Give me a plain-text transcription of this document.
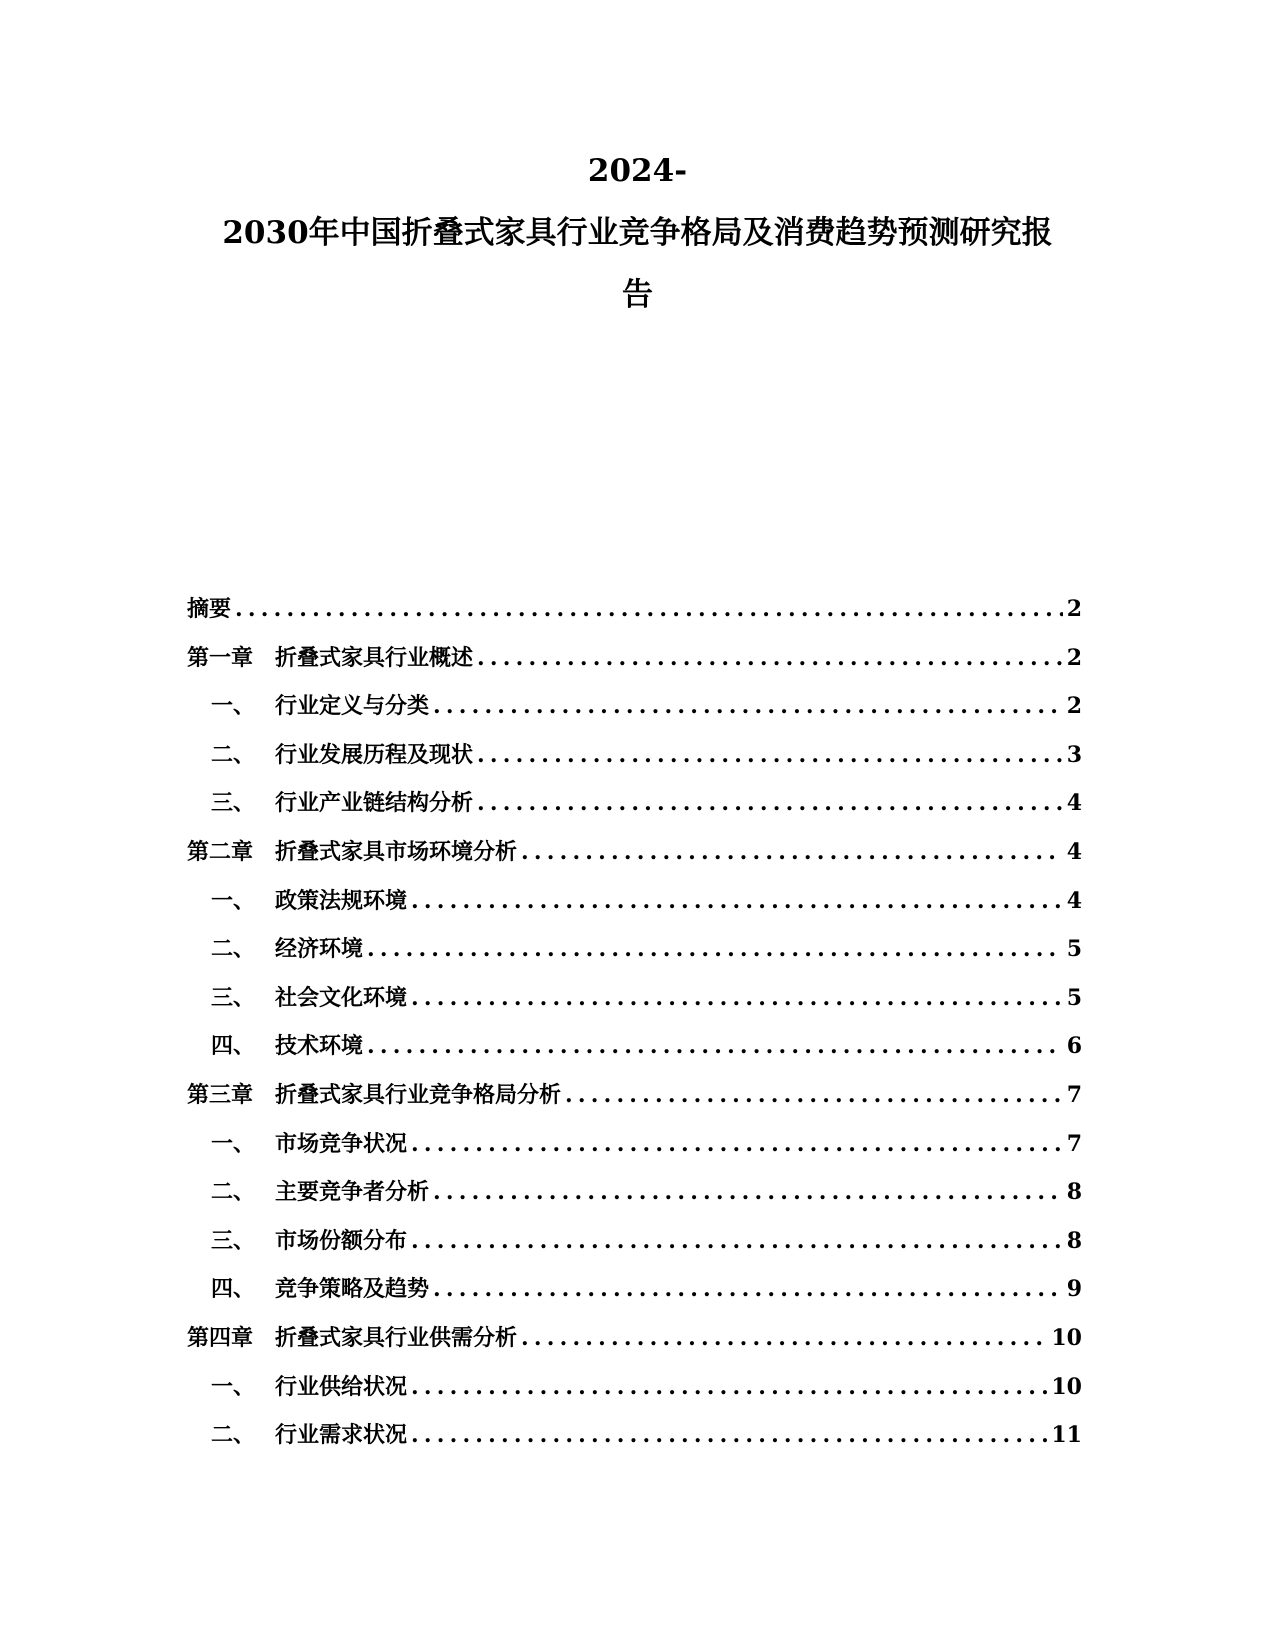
2024-
2030年中国折叠式家具行业竞争格局及消费趋势预测研究报
告
摘要 .....	2
第一章 折叠式家具行业概述 .....	2
一、 行业定义与分类 .....	2
二、 行业发展历程及现状 .....	3
三、 行业产业链结构分析 .....	4
第二章 折叠式家具市场环境分析 .....	4
一、 政策法规环境 .....	4
二、 经济环境 .....	5
三、 社会文化环境 .....	5
四、 技术环境 .....	6
第三章 折叠式家具行业竞争格局分析 .....	7
一、 市场竞争状况 .....	7
二、 主要竞争者分析 .....	8
三、 市场份额分布 .....	8
四、 竞争策略及趋势 .....	9
第四章 折叠式家具行业供需分析 .....	10
一、 行业供给状况 .....	10
二、 行业需求状况 .....	11
